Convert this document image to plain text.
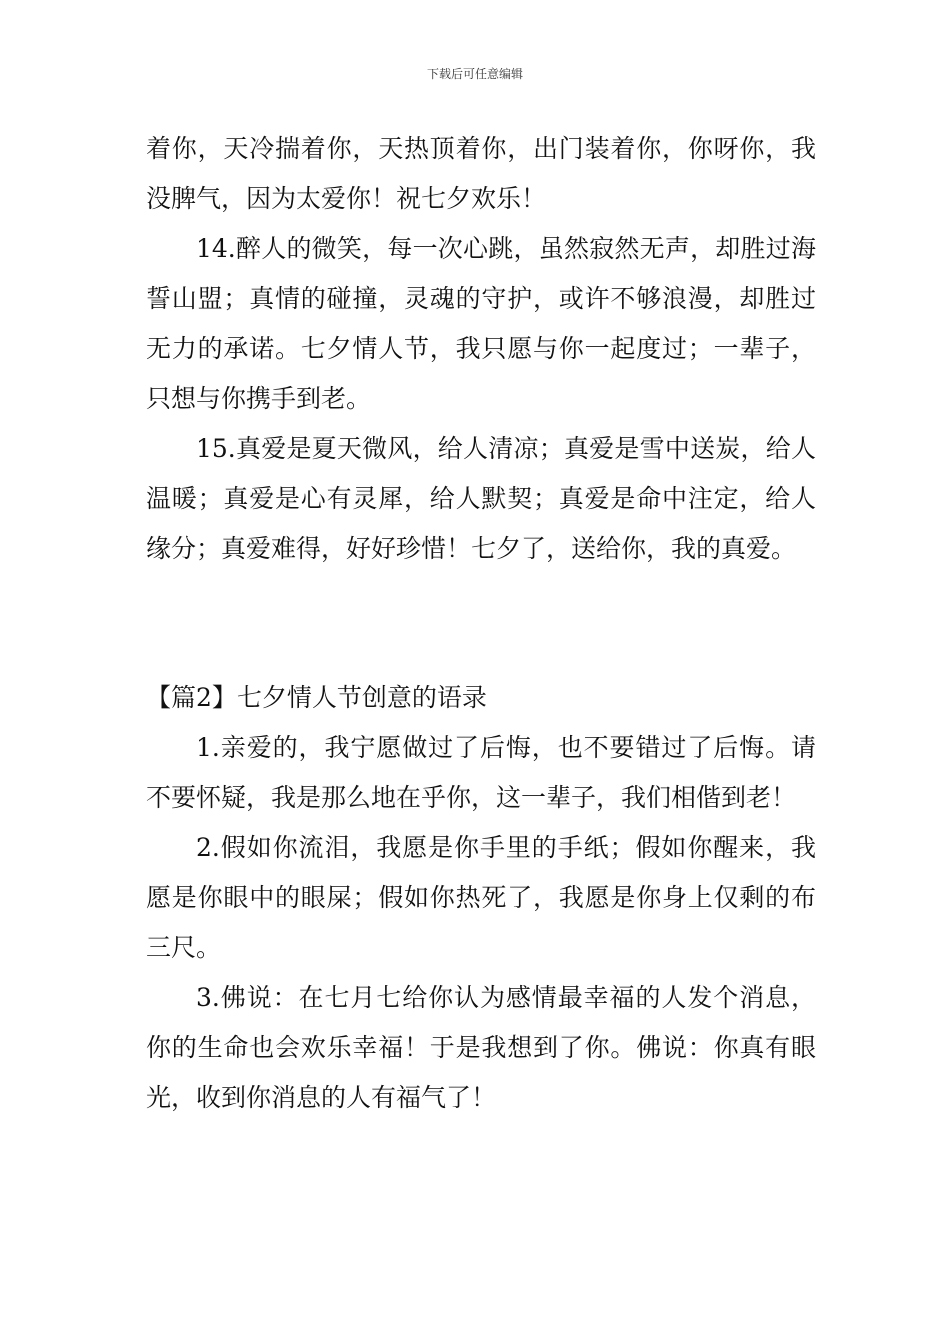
下载后可任意编辑

着你，天冷揣着你，天热顶着你，出门装着你，你呀你，我没脾气，因为太爱你！祝七夕欢乐！

14.醉人的微笑，每一次心跳，虽然寂然无声，却胜过海誓山盟；真情的碰撞，灵魂的守护，或许不够浪漫，却胜过无力的承诺。七夕情人节，我只愿与你一起度过；一辈子，只想与你携手到老。

15.真爱是夏天微风，给人清凉；真爱是雪中送炭，给人温暖；真爱是心有灵犀，给人默契；真爱是命中注定，给人缘分；真爱难得，好好珍惜！七夕了，送给你，我的真爱。

【篇2】七夕情人节创意的语录

1.亲爱的，我宁愿做过了后悔，也不要错过了后悔。请不要怀疑，我是那么地在乎你，这一辈子，我们相偕到老！

2.假如你流泪，我愿是你手里的手纸；假如你醒来，我愿是你眼中的眼屎；假如你热死了，我愿是你身上仅剩的布三尺。

3.佛说：在七月七给你认为感情最幸福的人发个消息，你的生命也会欢乐幸福！于是我想到了你。佛说：你真有眼光，收到你消息的人有福气了！
